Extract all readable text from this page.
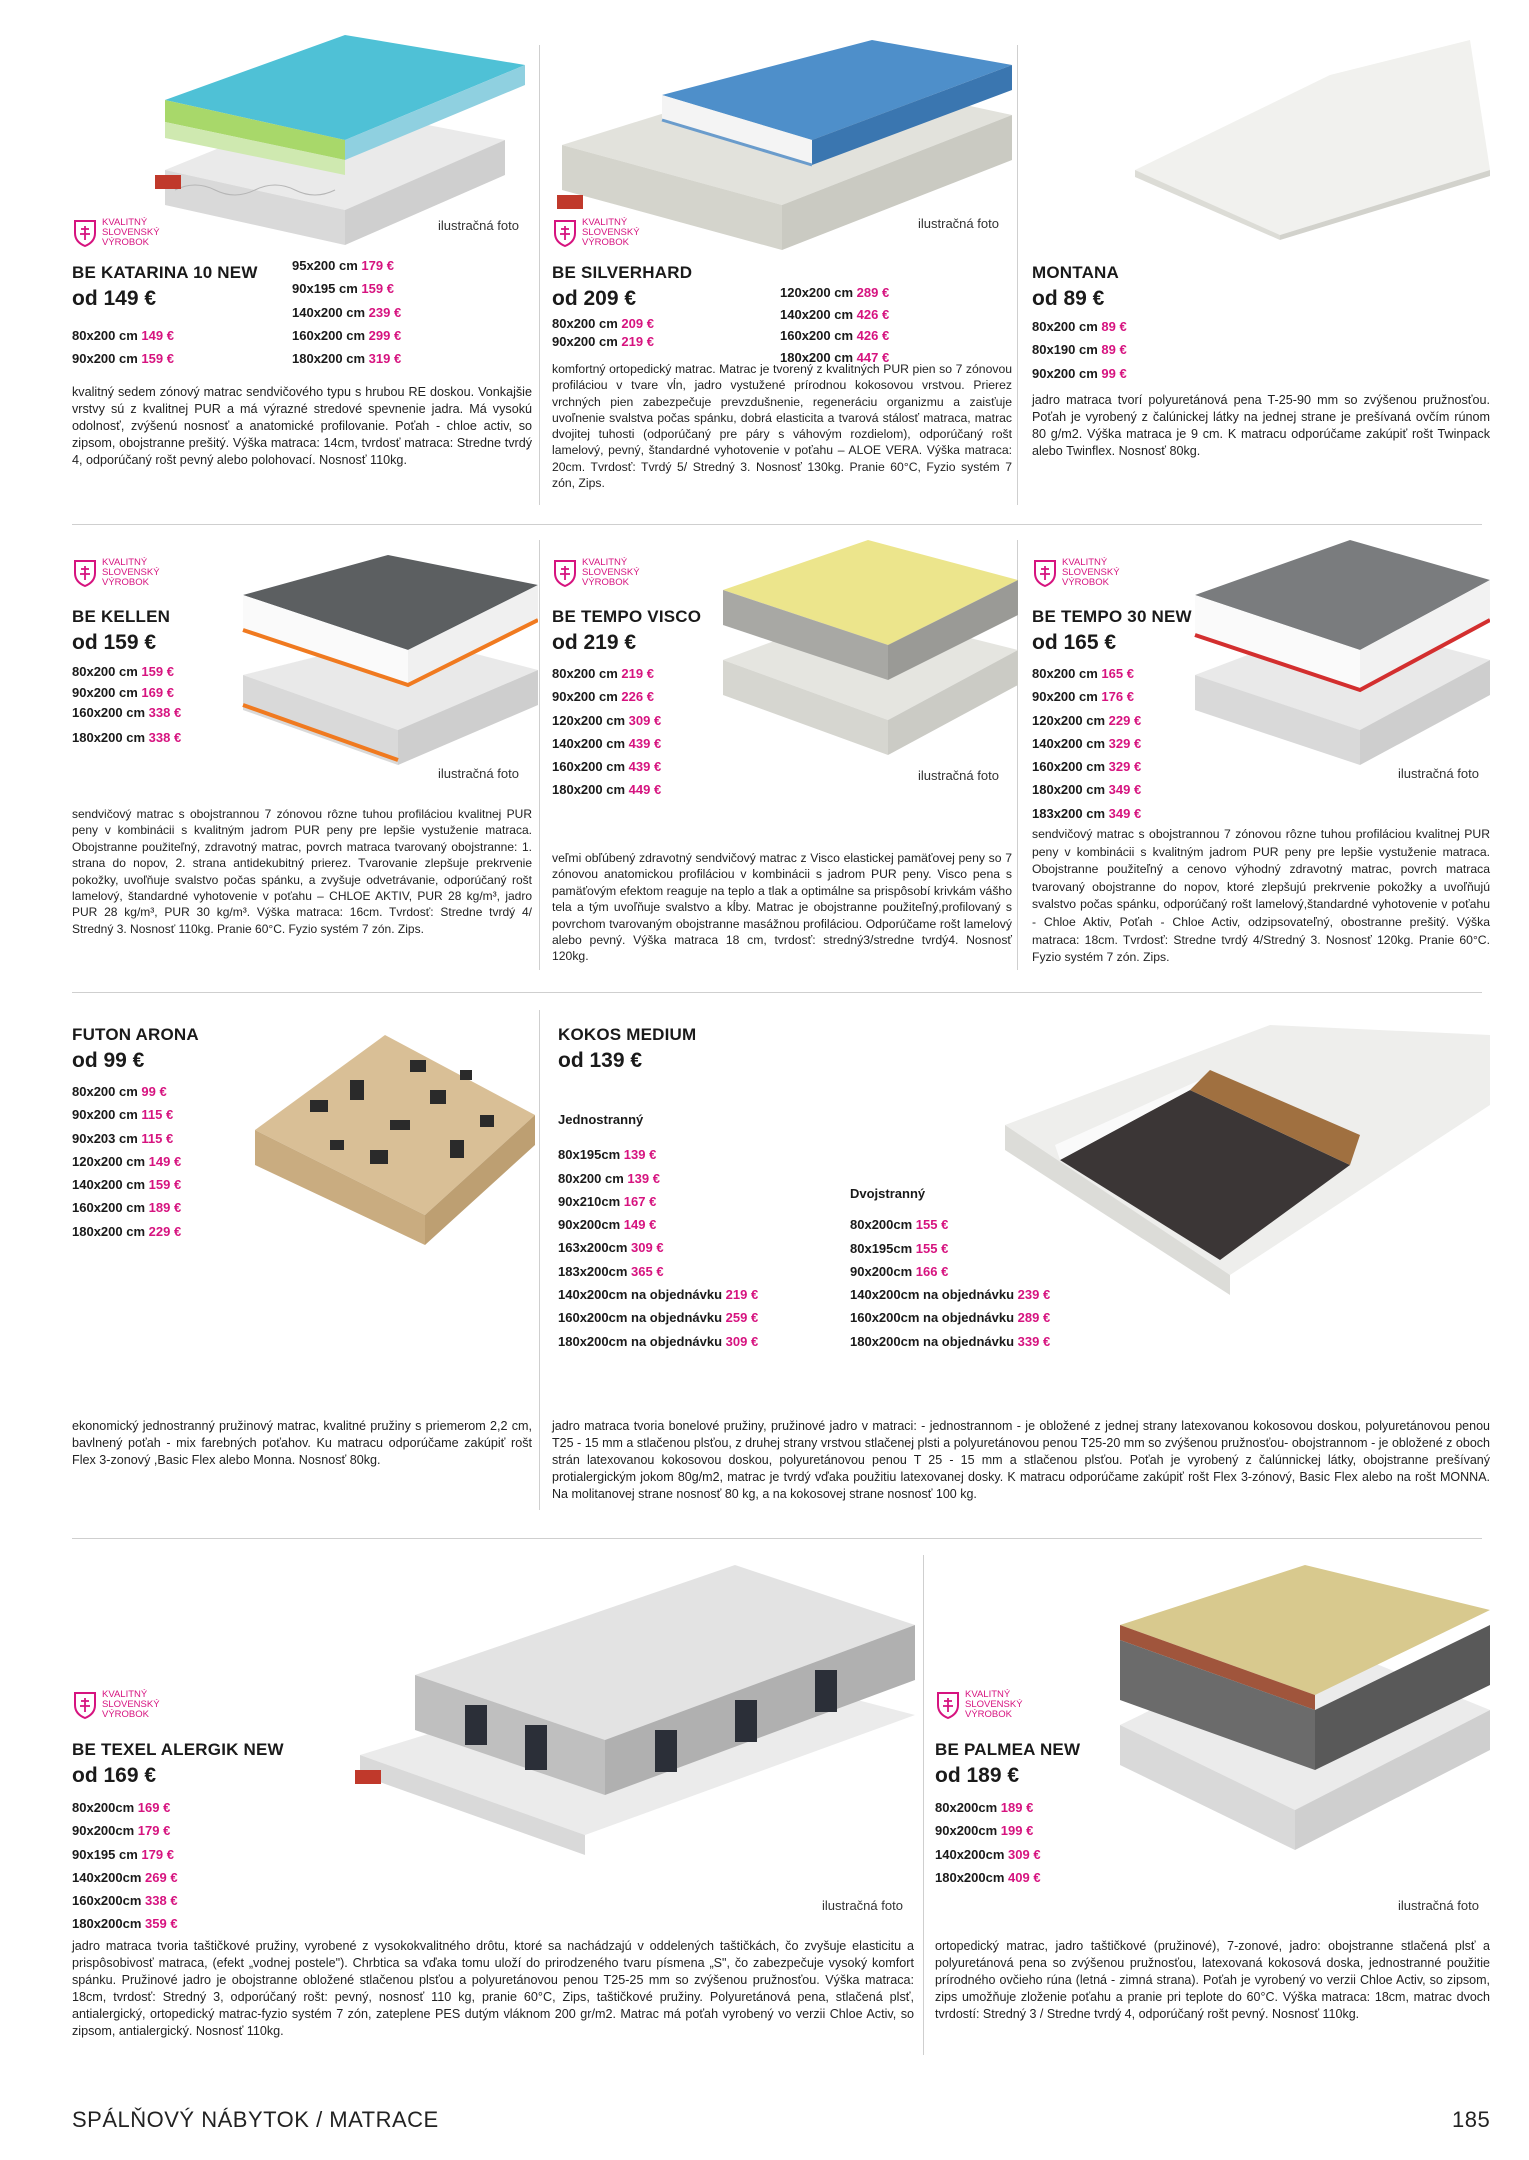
KVALITNÝ
SLOVENSKÝ
VÝROBOK
KVALITNÝ
SLOVENSKÝ
VÝROBOK
KVALITNÝ
SLOVENSKÝ
VÝROBOK
KVALITNÝ
SLOVENSKÝ
VÝROBOK
KVALITNÝ
SLOVENSKÝ
VÝROBOK
KVALITNÝ
SLOVENSKÝ
VÝROBOK
KVALITNÝ
SLOVENSKÝ
VÝROBOK
ilustračná foto	ilustračná foto
ilustračná foto	ilustračná foto	ilustračná foto
ilustračná foto	ilustračná foto
BE KATARINA 10 NEW
od 149 €
80x200 cm 149 €
90x200 cm 159 €
95x200 cm 179 €
90x195 cm 159 €
140x200 cm 239 €
160x200 cm 299 €
180x200 cm 319 €
kvalitný sedem zónový matrac sendvičového typu s hrubou RE doskou. Vonkajšie vrstvy sú z kvalitnej PUR a má výrazné stredové spevnenie jadra. Má vysokú odolnosť, zvýšenú nosnosť a anatomické profilovanie. Poťah - chloe activ, so zipsom, obojstranne prešitý. Výška matraca: 14cm, tvrdosť matraca: Stredne tvrdý 4, odporúčaný rošt pevný alebo polohovací. Nosnosť 110kg.
BE SILVERHARD
od 209 €
80x200 cm 209 €
90x200 cm 219 €
120x200 cm 289 €
140x200 cm 426 €
160x200 cm 426 €
180x200 cm 447 €
komfortný ortopedický matrac. Matrac je tvorený z kvalitných PUR pien so 7 zónovou profiláciou v tvare vĺn, jadro vystužené prírodnou kokosovou vrstvou. Prierez vrchných pien zabezpečuje prevzdušnenie, regeneráciu organizmu a zaisťuje uvoľnenie svalstva počas spánku, dobrá elasticita a tvarová stálosť matraca, matrac dvojitej tuhosti (odporúčaný pre páry s váhovým rozdielom), odporúčaný rošt lamelový, pevný, štandardné vyhotovenie v poťahu – ALOE VERA. Výška matraca: 20cm. Tvrdosť: Tvrdý 5/ Stredný 3. Nosnosť 130kg. Pranie 60°C, Fyzio systém 7 zón, Zips.
MONTANA
od 89 €
80x200 cm 89 €
80x190 cm 89 €
90x200 cm 99 €
jadro matraca tvorí polyuretánová pena T-25-90 mm so zvýšenou pružnosťou. Poťah je vyrobený z čalúnickej látky na jednej strane je prešívaná ovčím rúnom 80 g/m2. Výška matraca je 9 cm. K matracu odporúčame zakúpiť rošt Twinpack alebo Twinflex. Nosnosť 80kg.
BE KELLEN
od 159 €
80x200 cm 159 €
90x200 cm 169 €
160x200 cm 338 €
180x200 cm 338 €
sendvičový matrac s obojstrannou 7 zónovou rôzne tuhou profiláciou kvalitnej PUR peny v kombinácii s kvalitným jadrom PUR peny pre lepšie vystuženie matraca. Obojstranne použiteľný, zdravotný matrac, povrch matraca tvarovaný obojstranne: 1. strana do nopov, 2. strana antidekubitný prierez. Tvarovanie zlepšuje prekrvenie pokožky, uvoľňuje svalstvo počas spánku, a zvyšuje odvetrávanie, odporúčaný rošt lamelový, štandardné vyhotovenie v poťahu – CHLOE AKTIV, PUR 28 kg/m³, jadro PUR 28 kg/m³, PUR 30 kg/m³. Výška matraca: 16cm. Tvrdosť: Stredne tvrdý 4/ Stredný 3. Nosnosť 110kg. Pranie 60°C. Fyzio systém 7 zón. Zips.
BE TEMPO VISCO
od 219 €
80x200 cm 219 €
90x200 cm 226 €
120x200 cm 309 €
140x200 cm 439 €
160x200 cm 439 €
180x200 cm 449 €
veľmi obľúbený zdravotný sendvičový matrac z Visco elastickej pamäťovej peny so 7 zónovou anatomickou profiláciou v kombinácii s jadrom PUR peny. Visco pena s pamäťovým efektom reaguje na teplo a tlak a optimálne sa prispôsobí krivkám vášho tela a tým uvoľňuje svalstvo a kĺby. Matrac je obojstranne použiteľný,profilovaný s povrchom tvarovaným obojstranne masážnou profiláciou. Odporúčame rošt lamelový alebo pevný. Výška matraca 18 cm, tvrdosť: stredný3/stredne tvrdý4. Nosnosť 120kg.
BE TEMPO 30 NEW
od 165 €
80x200 cm 165 €
90x200 cm 176 €
120x200 cm 229 €
140x200 cm 329 €
160x200 cm 329 €
180x200 cm 349 €
183x200 cm 349 €
sendvičový matrac s obojstrannou 7 zónovou rôzne tuhou profiláciou kvalitnej PUR peny v kombinácii s kvalitným jadrom PUR peny pre lepšie vystuženie matraca. Obojstranne použiteľný a cenovo výhodný zdravotný matrac, povrch matraca tvarovaný obojstranne do nopov, ktoré zlepšujú prekrvenie pokožky a uvoľňujú svalstvo počas spánku, odporúčaný rošt lamelový,štandardné vyhotovenie v poťahu - Chloe Aktiv, Poťah - Chloe Activ, odzipsovateľný, obostranne prešitý. Výška matraca: 18cm. Tvrdosť: Stredne tvrdý 4/Stredný 3. Nosnosť 120kg. Pranie 60°C. Fyzio systém 7 zón. Zips.
FUTON ARONA
od 99 €
80x200 cm 99 €
90x200 cm 115 €
90x203 cm 115 €
120x200 cm 149 €
140x200 cm 159 €
160x200 cm 189 €
180x200 cm 229 €
ekonomický jednostranný pružinový matrac, kvalitné pružiny s priemerom 2,2 cm, bavlnený poťah - mix farebných poťahov. Ku matracu odporúčame zakúpiť rošt Flex 3-zonový ,Basic Flex alebo Monna. Nosnosť 80kg.
KOKOS MEDIUM
od 139 €
Jednostranný
80x195cm 139 €
80x200 cm 139 €
90x210cm 167 €
90x200cm 149 €
163x200cm 309 €
183x200cm 365 €
140x200cm na objednávku 219 €
160x200cm na objednávku 259 €
180x200cm na objednávku 309 €
Dvojstranný
80x200cm 155 €
80x195cm 155 €
90x200cm 166 €
140x200cm na objednávku 239 €
160x200cm na objednávku 289 €
180x200cm na objednávku 339 €
jadro matraca tvoria bonelové pružiny, pružinové jadro v matraci: - jednostrannom - je obložené z jednej strany latexovanou kokosovou doskou, polyuretánovou penou T25 - 15 mm a stlačenou plsťou, z druhej strany vrstvou stlačenej plsti a polyuretánovou penou T25-20 mm so zvýšenou pružnosťou- obojstrannom - je obložené z oboch strán latexovanou kokosovou doskou, polyuretánovou penou T 25 - 15 mm a stlačenou plsťou. Poťah je vyrobený z čalúnnickej látky, obojstranne prešívaný protialergickým jokom 80g/m2, matrac je tvrdý vďaka použitiu latexovanej dosky. K matracu odporúčame zakúpiť rošt Flex 3-zónový, Basic Flex alebo na rošt MONNA. Na molitanovej strane nosnosť 80 kg, a na kokosovej strane nosnosť 100 kg.
BE TEXEL ALERGIK NEW
od 169 €
80x200cm 169 €
90x200cm 179 €
90x195 cm 179 €
140x200cm 269 €
160x200cm 338 €
180x200cm 359 €
jadro matraca tvoria taštičkové pružiny, vyrobené z vysokokvalitného drôtu, ktoré sa nachádzajú v oddelených taštičkách, čo zvyšuje elasticitu a prispôsobivosť matraca, (efekt „vodnej postele"). Chrbtica sa vďaka tomu uloží do prirodzeného tvaru písmena „S", čo zabezpečuje vysoký komfort spánku. Pružinové jadro je obojstranne obložené stlačenou plsťou a polyuretánovou penou T25-25 mm so zvýšenou pružnosťou. Výška matraca: 18cm, tvrdosť: Stredný 3, odporúčaný rošt: pevný, nosnosť 110 kg, pranie 60°C, Zips, taštičkové pružiny. Polyuretánová pena, stlačená plsť, antialergický, ortopedický matrac-fyzio systém 7 zón, zateplene PES dutým vláknom 200 gr/m2. Matrac má poťah vyrobený vo verzii Chloe Activ, so zipsom, antialergický. Nosnosť 110kg.
BE PALMEA NEW
od 189 €
80x200cm 189 €
90x200cm 199 €
140x200cm 309 €
180x200cm 409 €
ortopedický matrac, jadro taštičkové (pružinové), 7-zonové, jadro: obojstranne stlačená plsť a polyuretánová pena so zvýšenou pružnosťou, latexovaná kokosová doska, jednostranné použitie prírodného ovčieho rúna (letná - zimná strana). Poťah je vyrobený vo verzii Chloe Activ, so zipsom, zips umožňuje zloženie poťahu a pranie pri teplote do 60°C. Výška matraca: 18cm, matrac dvoch tvrdostí: Stredný 3 / Stredne tvrdý 4, odporúčaný rošt pevný. Nosnosť 110kg.
SPÁLŇOVÝ NÁBYTOK / MATRACE	185
